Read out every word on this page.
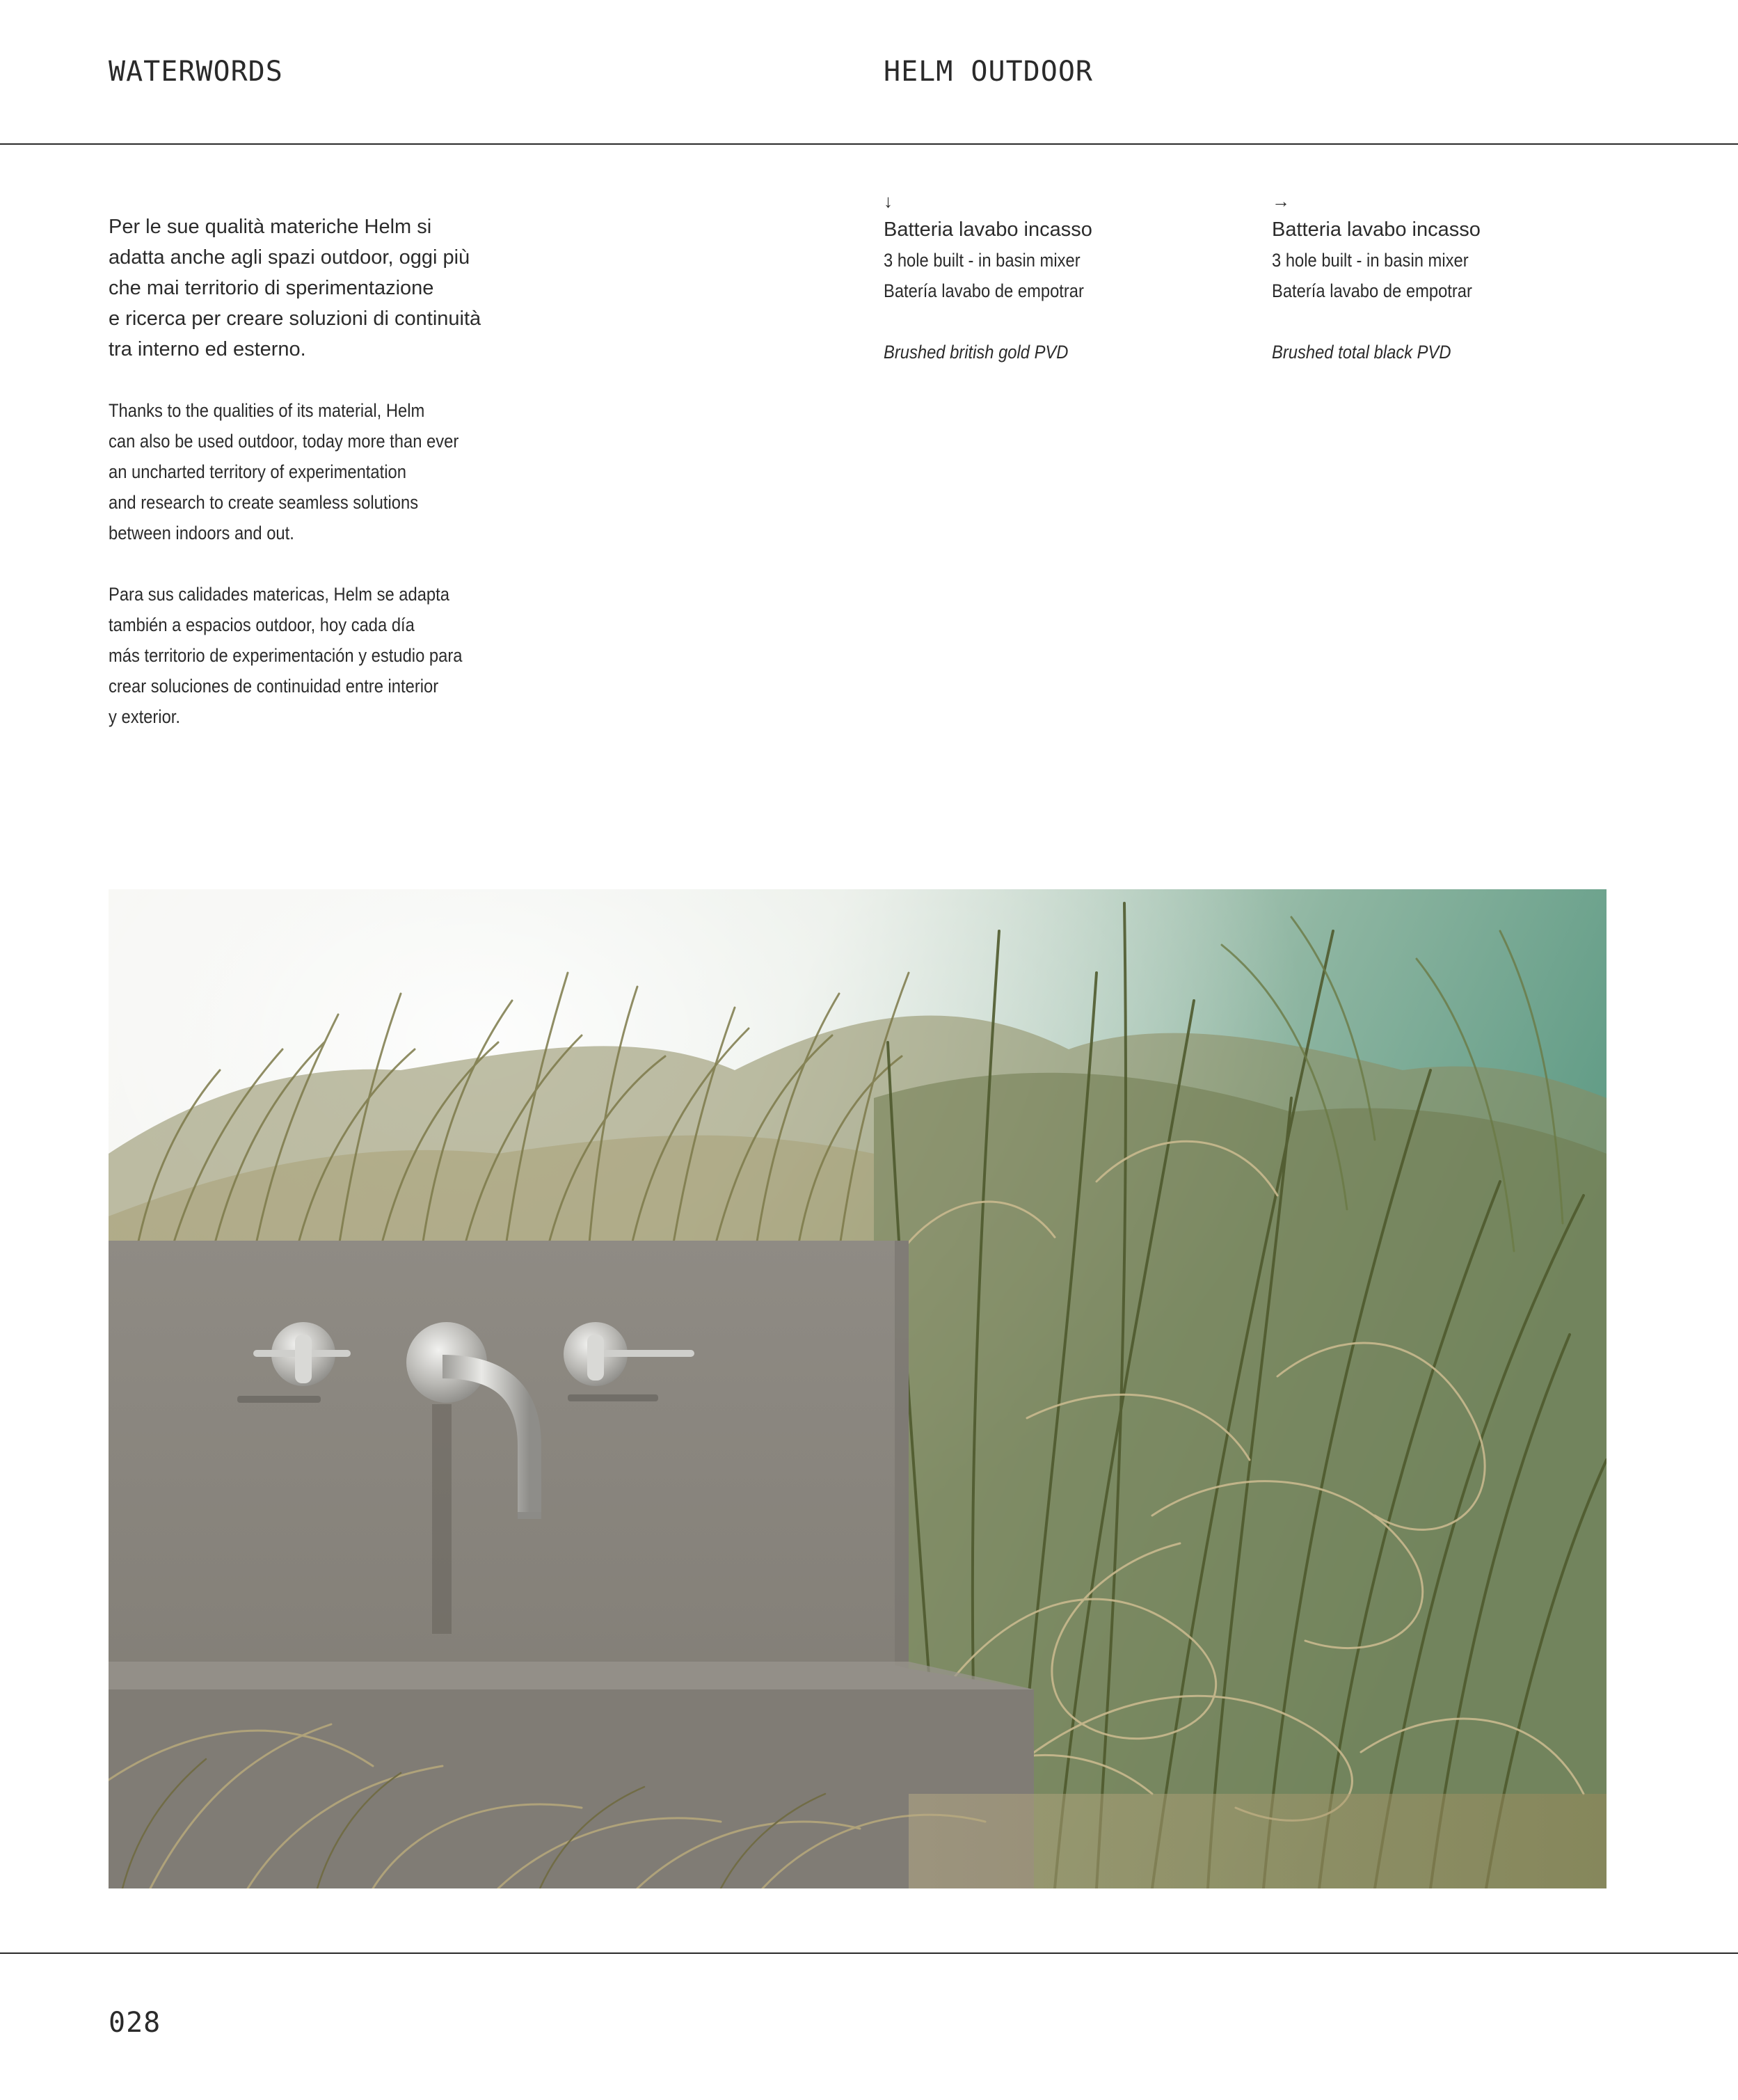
WATERWORDS	HELM OUTDOOR

Per le sue qualità materiche Helm si
adatta anche agli spazi outdoor, oggi più
che mai territorio di sperimentazione
e ricerca per creare soluzioni di continuità
tra interno ed esterno.

Thanks to the qualities of its material, Helm
can also be used outdoor, today more than ever
an uncharted territory of experimentation
and research to create seamless solutions
between indoors and out.

Para sus calidades matericas, Helm se adapta
también a espacios outdoor, hoy cada día
más territorio de experimentación y estudio para
crear soluciones de continuidad entre interior
y exterior.

↓
Batteria lavabo incasso
3 hole built - in basin mixer
Batería lavabo de empotrar
Brushed british gold PVD
→
Batteria lavabo incasso
3 hole built - in basin mixer
Batería lavabo de empotrar
Brushed total black PVD
028
